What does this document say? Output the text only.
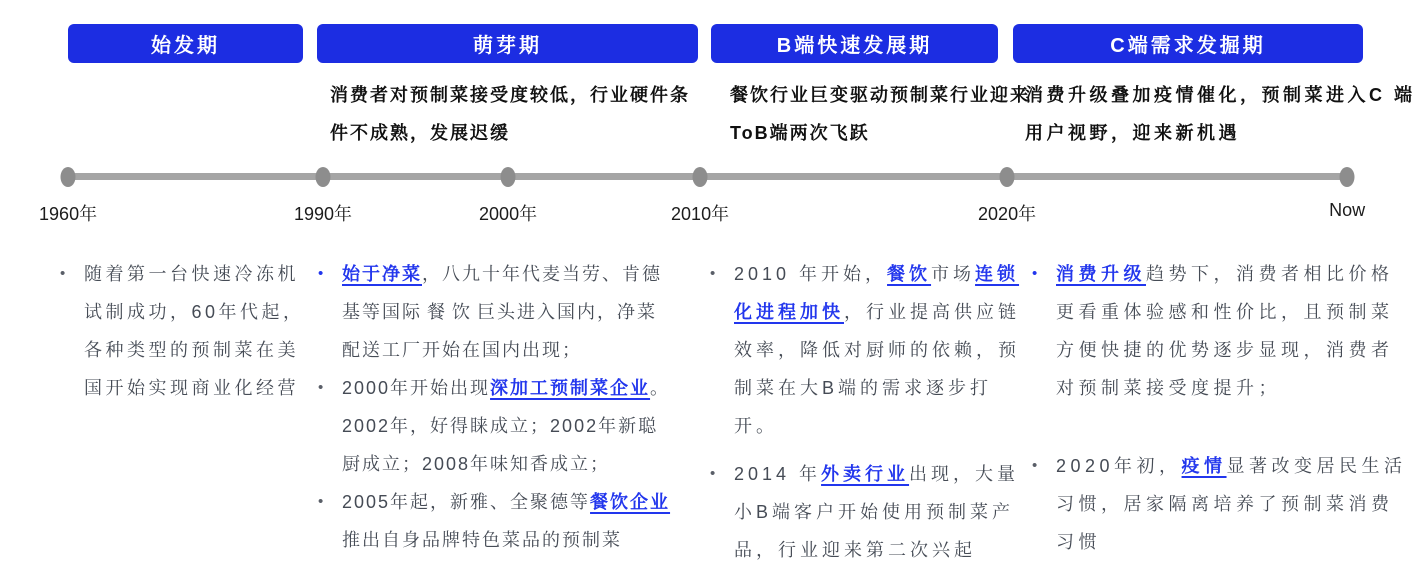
始发期	萌芽期	B端快速发展期	C端需求发掘期
消费者对预制菜接受度较低，行业硬件条件不成熟，发展迟缓
餐饮行业巨变驱动预制菜行业迎来ToB端两次飞跃
消费升级叠加疫情催化，预制菜进入C 端用户视野，迎来新机遇
1960年	1990年	2000年	2010年	2020年	Now
• 随着第一台快速冷冻机试制成功，60年代起，各种类型的预制菜在美国开始实现商业化经营
• 始于净菜，八九十年代麦当劳、肯德基等国际 餐 饮 巨头进入国内，净菜配送工厂开始在国内出现；
• 2000年开始出现深加工预制菜企业。2002年，好得睐成立；2002年新聪厨成立；2008年味知香成立；
• 2005年起，新雅、全聚德等餐饮企业推出自身品牌特色菜品的预制菜
• 2010 年开始，餐饮市场连锁化进程加快，行业提高供应链效率，降低对厨师的依赖，预制菜在大B端的需求逐步打开。
• 2014 年外卖行业出现，大量小B端客户开始使用预制菜产品，行业迎来第二次兴起
• 消费升级趋势下，消费者相比价格更看重体验感和性价比，且预制菜方便快捷的优势逐步显现，消费者对预制菜接受度提升；
• 2020年初，疫情显著改变居民生活习惯，居家隔离培养了预制菜消费习惯
